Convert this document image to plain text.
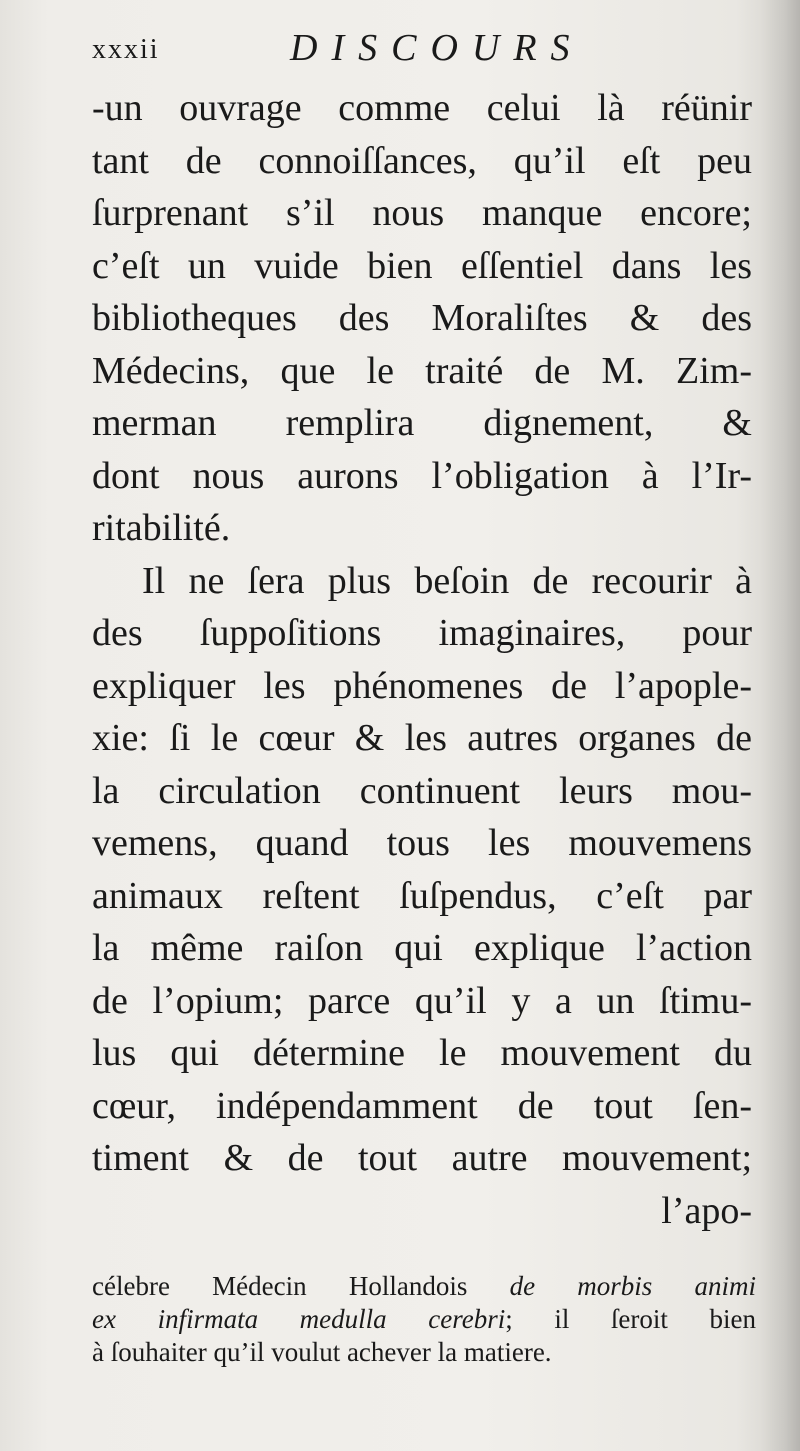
xxxii	DISCOURS
-un ouvrage comme celui là réünir
tant de connoiſſances, qu’il eſt peu
ſurprenant s’il nous manque encore;
c’eſt un vuide bien eſſentiel dans les
bibliotheques des Moraliſtes & des
Médecins, que le traité de M. Zim-
merman remplira dignement, &
dont nous aurons l’obligation à l’Ir-
ritabilité.
Il ne ſera plus beſoin de recourir à
des ſuppoſitions imaginaires, pour
expliquer les phénomenes de l’apople-
xie: ſi le cœur & les autres organes de
la circulation continuent leurs mou-
vemens, quand tous les mouvemens
animaux reſtent ſuſpendus, c’eſt par
la même raiſon qui explique l’action
de l’opium; parce qu’il y a un ſtimu-
lus qui détermine le mouvement du
cœur, indépendamment de tout ſen-
timent & de tout autre mouvement;
l’apo-
célebre Médecin Hollandois de morbis animi
ex infirmata medulla cerebri; il ſeroit bien
à ſouhaiter qu’il voulut achever la matiere.
